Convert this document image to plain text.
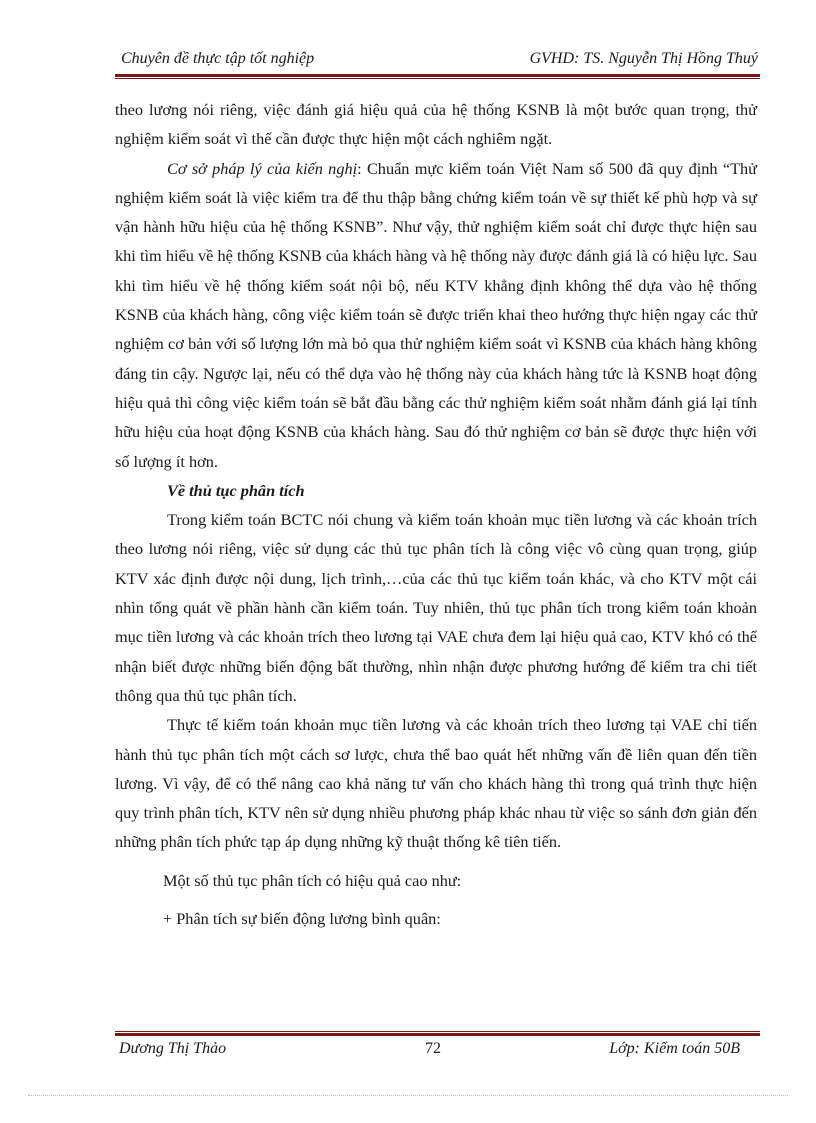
Chuyên đề thực tập tốt nghiệp	GVHD: TS. Nguyễn Thị Hồng Thuý

theo lương nói riêng, việc đánh giá hiệu quả của hệ thống KSNB là một bước quan trọng, thử nghiệm kiểm soát vì thế cần được thực hiện một cách nghiêm ngặt.

Cơ sở pháp lý của kiến nghị: Chuẩn mực kiểm toán Việt Nam số 500 đã quy định “Thử nghiệm kiểm soát là việc kiểm tra để thu thập bằng chứng kiểm toán về sự thiết kế phù hợp và sự vận hành hữu hiệu của hệ thống KSNB”. Như vậy, thử nghiệm kiểm soát chỉ được thực hiện sau khi tìm hiểu về hệ thống KSNB của khách hàng và hệ thống này được đánh giá là có hiệu lực. Sau khi tìm hiểu về hệ thống kiểm soát nội bộ, nếu KTV khẳng định không thể dựa vào hệ thống KSNB của khách hàng, công việc kiểm toán sẽ được triển khai theo hướng thực hiện ngay các thử nghiệm cơ bản với số lượng lớn mà bỏ qua thử nghiệm kiểm soát vì KSNB của khách hàng không đáng tin cậy. Ngược lại, nếu có thể dựa vào hệ thống này của khách hàng tức là KSNB hoạt động hiệu quả thì công việc kiểm toán sẽ bắt đầu bằng các thử nghiệm kiểm soát nhằm đánh giá lại tính hữu hiệu của hoạt động KSNB của khách hàng. Sau đó thử nghiệm cơ bản sẽ được thực hiện với số lượng ít hơn.

Về thủ tục phân tích

Trong kiểm toán BCTC nói chung và kiểm toán khoản mục tiền lương và các khoản trích theo lương nói riêng, việc sử dụng các thủ tục phân tích là công việc vô cùng quan trọng, giúp KTV xác định được nội dung, lịch trình,…của các thủ tục kiểm toán khác, và cho KTV một cái nhìn tổng quát về phần hành cần kiểm toán. Tuy nhiên, thủ tục phân tích trong kiểm toán khoản mục tiền lương và các khoản trích theo lương tại VAE chưa đem lại hiệu quả cao, KTV khó có thể nhận biết được những biến động bất thường, nhìn nhận được phương hướng để kiểm tra chi tiết thông qua thủ tục phân tích.

Thực tế kiểm toán khoản mục tiền lương và các khoản trích theo lương tại VAE chỉ tiến hành thủ tục phân tích một cách sơ lược, chưa thể bao quát hết những vấn đề liên quan đến tiền lương. Vì vậy, để có thể nâng cao khả năng tư vấn cho khách hàng thì trong quá trình thực hiện quy trình phân tích, KTV nên sử dụng nhiều phương pháp khác nhau từ việc so sánh đơn giản đến những phân tích phức tạp áp dụng những kỹ thuật thống kê tiên tiến.

Một số thủ tục phân tích có hiệu quả cao như:

+ Phân tích sự biến động lương bình quân:

Dương Thị Thảo	72	Lớp: Kiểm toán 50B
